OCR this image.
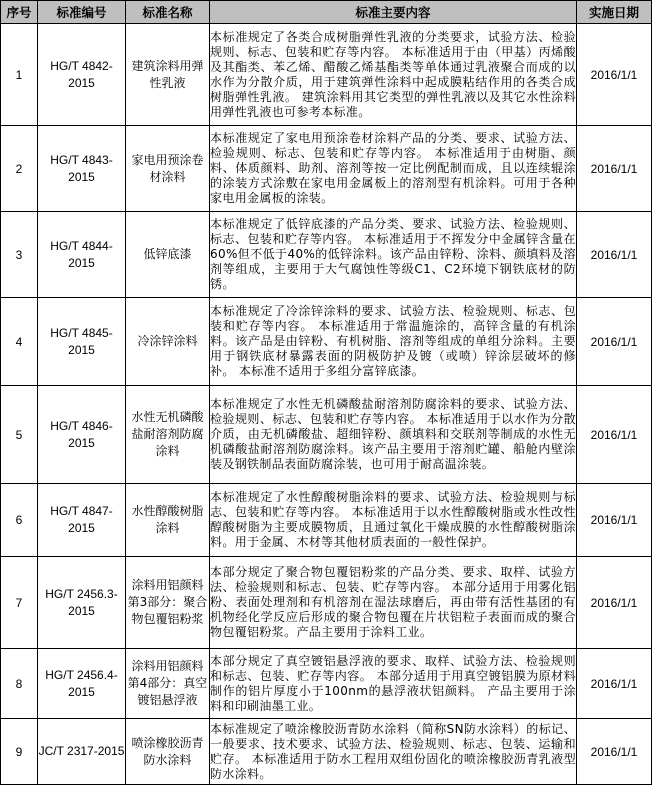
序号	标准编号	标准名称	标准主要内容	实施日期
1	HG/T 4842-2015	建筑涂料用弹性乳液	本标准规定了各类合成树脂弹性乳液的分类要求，试验方法、检验规则、标志、包装和贮存等内容。 本标准适用于由（甲基）丙烯酸及其酯类、苯乙烯、醋酸乙烯基酯类等单体通过乳液聚合而成的以水作为分散介质，用于建筑弹性涂料中起成膜粘结作用的各类合成树脂弹性乳液。 建筑涂料用其它类型的弹性乳液以及其它水性涂料用弹性乳液也可参考本标准。	2016/1/1
2	HG/T 4843-2015	家电用预涂卷材涂料	本标准规定了家电用预涂卷材涂料产品的分类、要求、试验方法、检验规则、标志、包装和贮存等内容。 本标准适用于由树脂、颜料、体质颜料、助剂、溶剂等按一定比例配制而成，且以连续辊涂的涂装方式涂敷在家电用金属板上的溶剂型有机涂料。可用于各种家电用金属板的涂装。	2016/1/1
3	HG/T 4844-2015	低锌底漆	本标准规定了低锌底漆的产品分类、要求、试验方法、检验规则、标志、包装和贮存等内容。 本标准适用于不挥发分中金属锌含量在60%但不低于40%的低锌涂料。该产品由锌粉、涂料、颜填料及溶剂等组成，主要用于大气腐蚀性等级C1、C2环境下钢铁底材的防锈。	2016/1/1
4	HG/T 4845-2015	冷涂锌涂料	本标准规定了冷涂锌涂料的要求、试验方法、检验规则、标志、包装和贮存等内容。 本标准适用于常温施涂的，高锌含量的有机涂料。该产品是由锌粉、有机树脂、溶剂等组成的单组分涂料。主要用于钢铁底材暴露表面的阴极防护及镀（或喷）锌涂层破坏的修补。 本标准不适用于多组分富锌底漆。	2016/1/1
5	HG/T 4846-2015	水性无机磷酸盐耐溶剂防腐涂料	本标准规定了水性无机磷酸盐耐溶剂防腐涂料的要求、试验方法、检验规则、标志、包装和贮存等内容。 本标准适用于以水作为分散介质，由无机磷酸盐、超细锌粉、颜填料和交联剂等制成的水性无机磷酸盐耐溶剂防腐涂料。该产品主要用于溶剂贮罐、船舱内壁涂装及钢铁制品表面防腐涂装，也可用于耐高温涂装。	2016/1/1
6	HG/T 4847-2015	水性醇酸树脂涂料	本标准规定了水性醇酸树脂涂料的要求、试验方法、检验规则与标志、包装和贮存等内容。 本标准适用于以水性醇酸树脂或水性改性醇酸树脂为主要成膜物质，且通过氧化干燥成膜的水性醇酸树脂涂料。用于金属、木材等其他材质表面的一般性保护。	2016/1/1
7	HG/T 2456.3-2015	涂料用铝颜料第3部分：聚合物包覆铝粉浆	本部分规定了聚合物包覆铝粉浆的产品分类、要求、取样、试验方法、检验规则和标志、包装、贮存等内容。 本部分适用于用雾化铝粉、表面处理剂和有机溶剂在湿法球磨后，再由带有活性基团的有机物经化学反应后形成的聚合物包覆在片状铝粒子表面而成的聚合物包覆铝粉浆。产品主要用于涂料工业。	2016/1/1
8	HG/T 2456.4-2015	涂料用铝颜料第4部分：真空镀铝悬浮液	本部分规定了真空镀铝悬浮液的要求、取样、试验方法、检验规则和标志、包装、贮存等内容。 本部分适用于用真空镀铝膜为原材料制作的铝片厚度小于100nm的悬浮液状铝颜料。 产品主要用于涂料和印刷油墨工业。	2016/1/1
9	JC/T 2317-2015	喷涂橡胶沥青防水涂料	本标准规定了喷涂橡胶沥青防水涂料（简称SN防水涂料）的标记、一般要求、技术要求、试验方法、检验规则、标志、包装、运输和贮存。 本标准适用于防水工程用双组份固化的喷涂橡胶沥青乳液型防水涂料。	2016/1/1
